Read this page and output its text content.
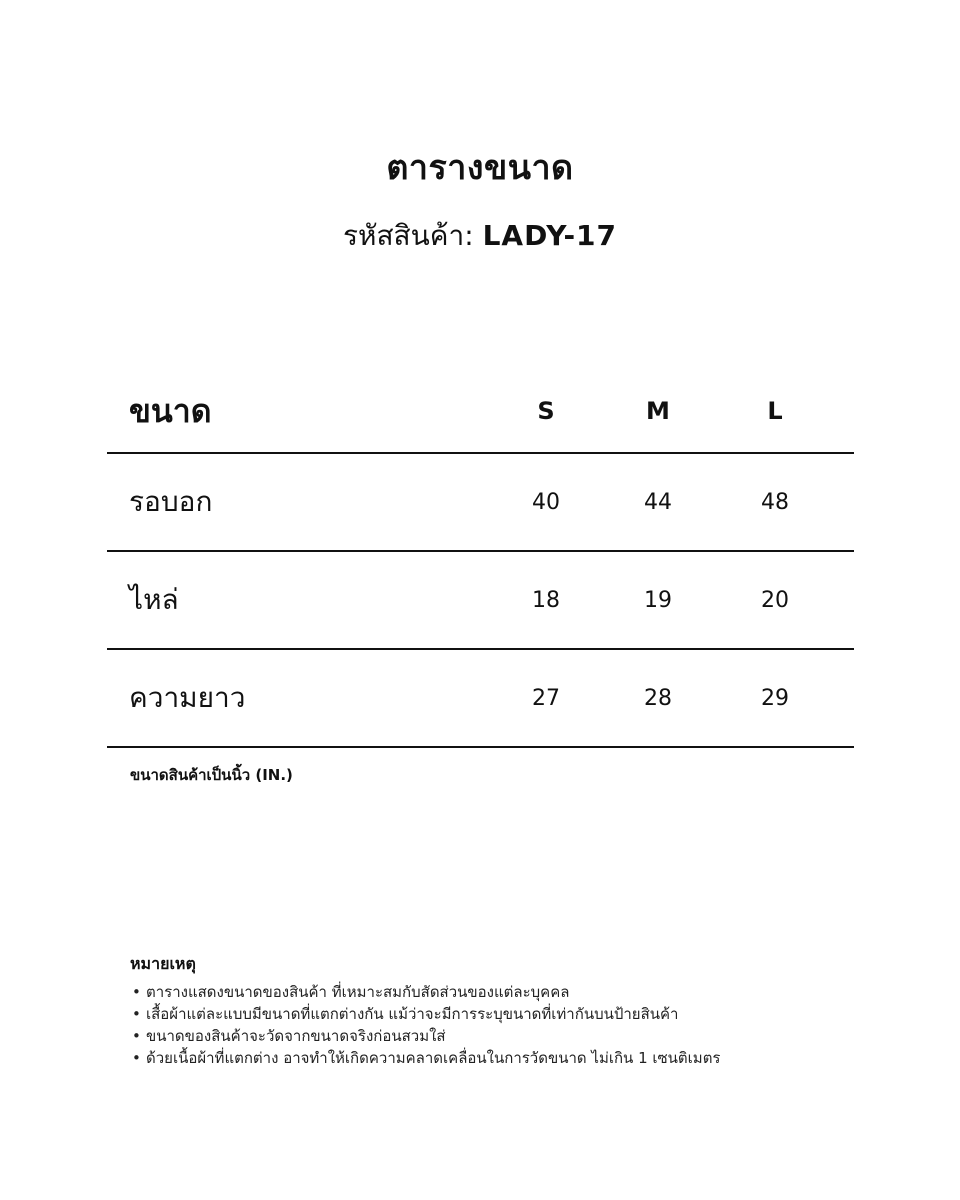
ตารางขนาด
รหัสสินค้า: LADY-17
ขนาด	S	M	L
รอบอก	40	44	48
ไหล่	18	19	20
ความยาว	27	28	29
ขนาดสินค้าเป็นนิ้ว (IN.)
หมายเหตุ
• ตารางแสดงขนาดของสินค้า ที่เหมาะสมกับสัดส่วนของแต่ละบุคคล
• เสื้อผ้าแต่ละแบบมีขนาดที่แตกต่างกัน แม้ว่าจะมีการระบุขนาดที่เท่ากันบนป้ายสินค้า
• ขนาดของสินค้าจะวัดจากขนาดจริงก่อนสวมใส่
• ด้วยเนื้อผ้าที่แตกต่าง อาจทำให้เกิดความคลาดเคลื่อนในการวัดขนาด ไม่เกิน 1 เซนติเมตร
